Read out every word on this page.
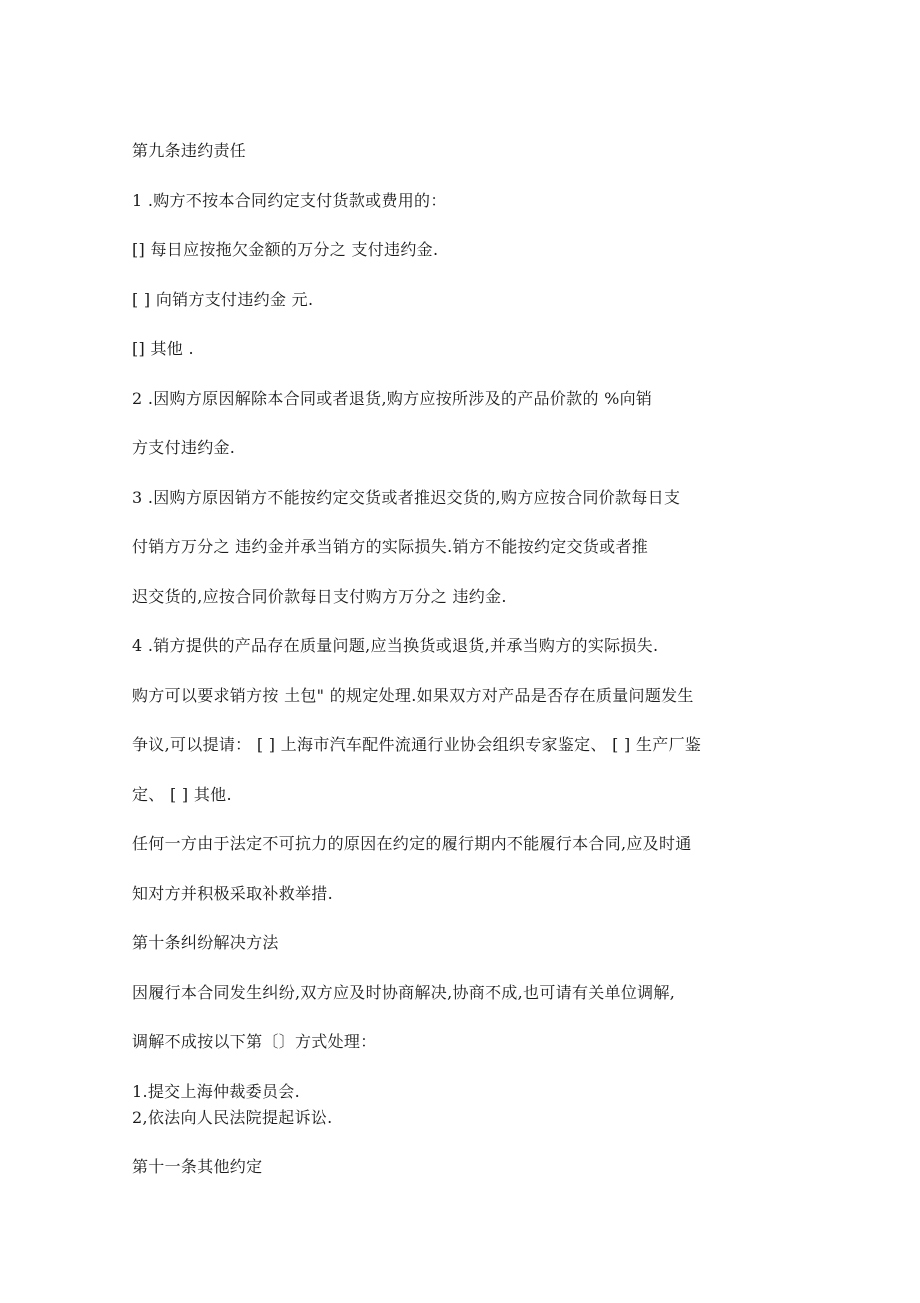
第九条违约责任
1 .购方不按本合同约定支付货款或费用的：
[] 每日应按拖欠金额的万分之 支付违约金.
[ ] 向销方支付违约金 元.
[] 其他 .
2 .因购方原因解除本合同或者退货,购方应按所涉及的产品价款的 %向销
方支付违约金.
3 .因购方原因销方不能按约定交货或者推迟交货的,购方应按合同价款每日支
付销方万分之 违约金并承当销方的实际损失.销方不能按约定交货或者推
迟交货的,应按合同价款每日支付购方万分之 违约金.
4 .销方提供的产品存在质量问题,应当换货或退货,并承当购方的实际损失.
购方可以要求销方按 土包" 的规定处理.如果双方对产品是否存在质量问题发生
争议,可以提请： [ ] 上海市汽车配件流通行业协会组织专家鉴定、 [ ] 生产厂鉴
定、 [ ] 其他.
任何一方由于法定不可抗力的原因在约定的履行期内不能履行本合同,应及时通
知对方并积极采取补救举措.
第十条纠纷解决方法
因履行本合同发生纠纷,双方应及时协商解决,协商不成,也可请有关单位调解,
调解不成按以下第〔〕方式处理：
1.提交上海仲裁委员会.
2,依法向人民法院提起诉讼.
第十一条其他约定
